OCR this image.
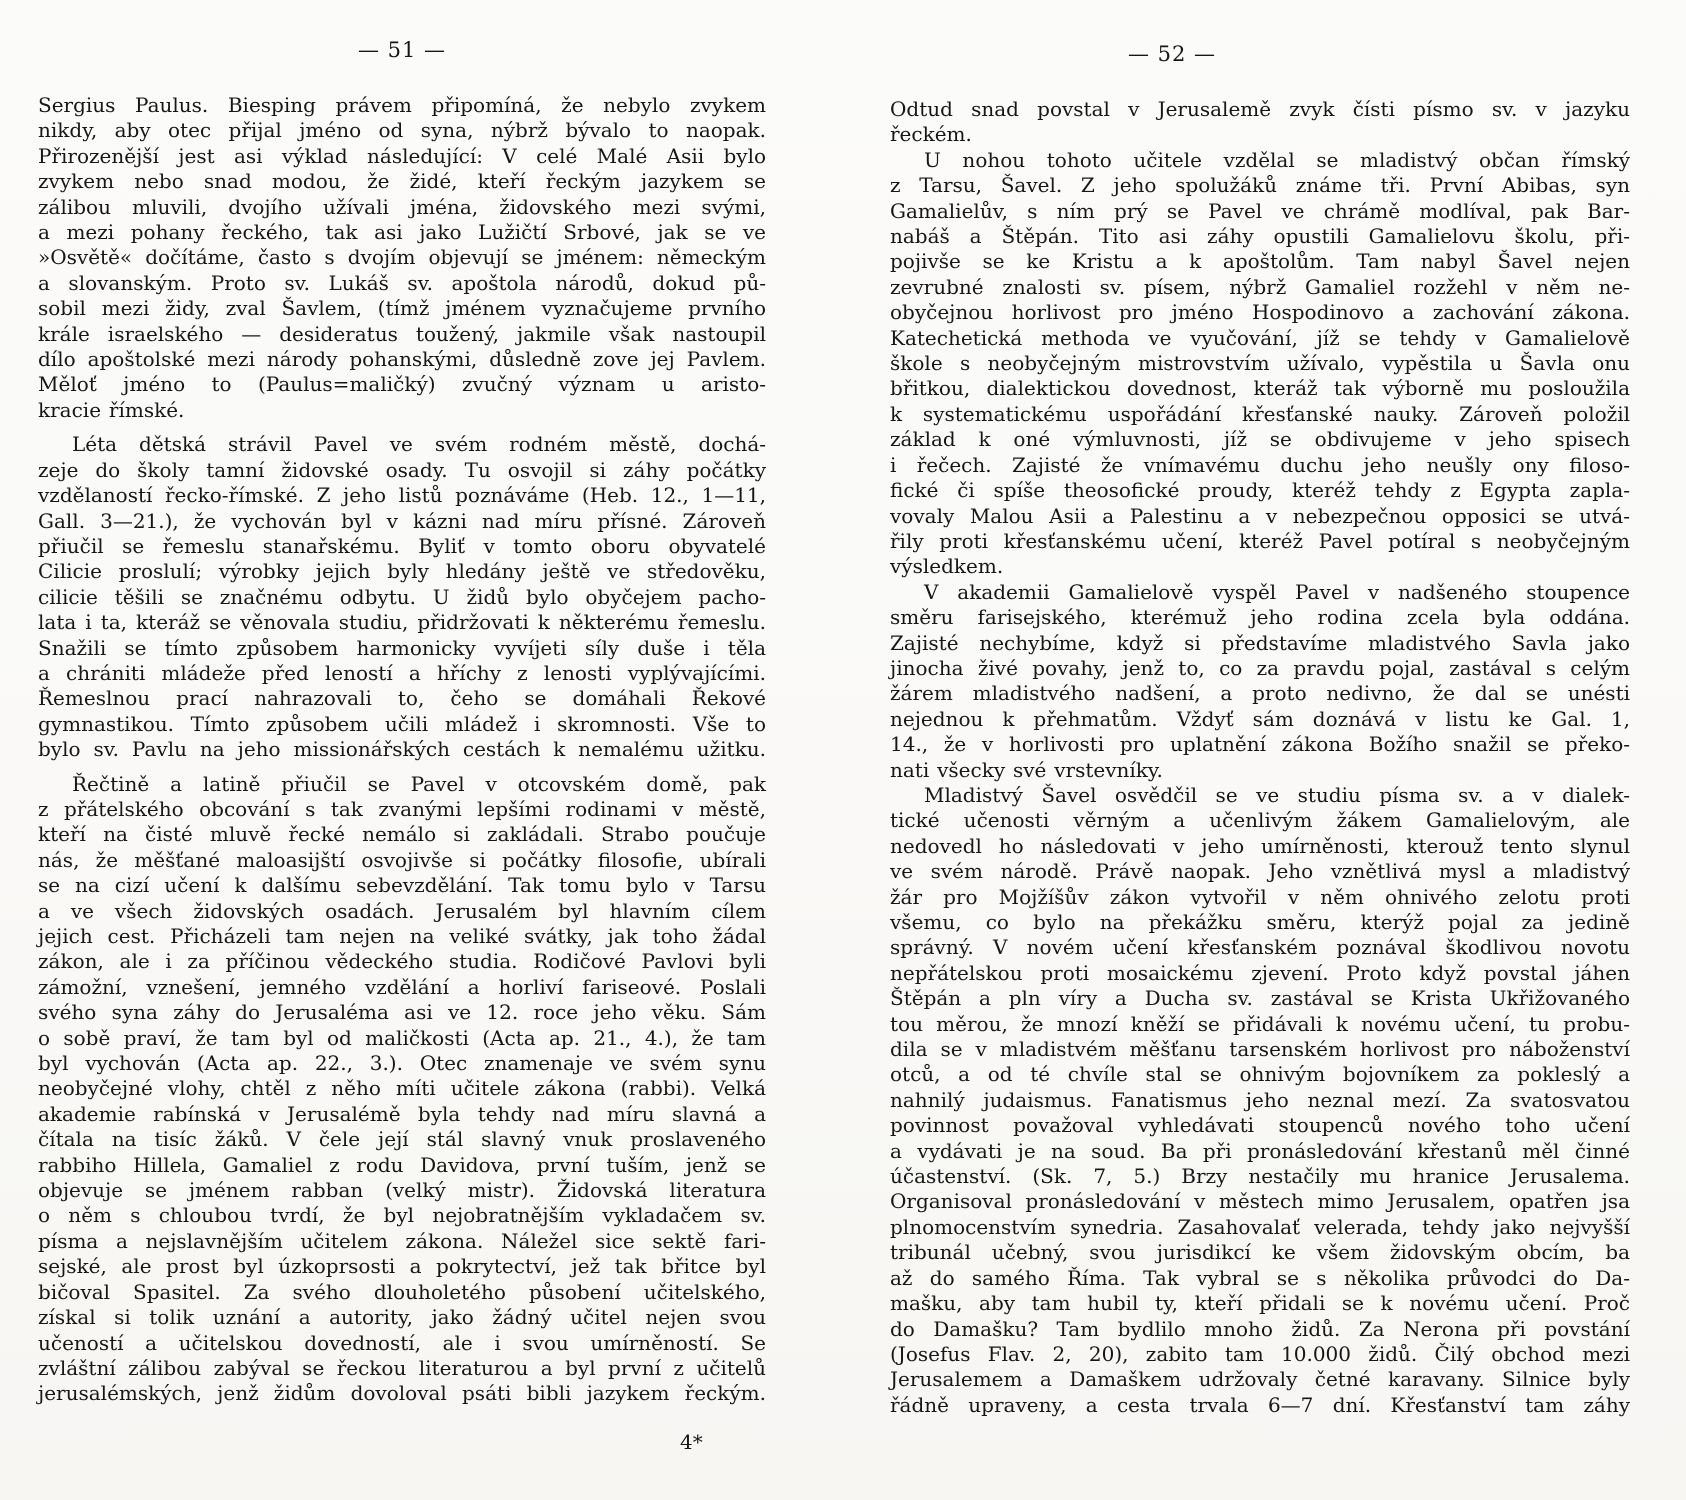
— 51 —
Sergius Paulus. Biesping právem připomíná, že nebylo zvykem
nikdy, aby otec přijal jméno od syna, nýbrž bývalo to naopak.
Přirozenější jest asi výklad následující: V celé Malé Asii bylo
zvykem nebo snad modou, že židé, kteří řeckým jazykem se
zálibou mluvili, dvojího užívali jména, židovského mezi svými,
a mezi pohany řeckého, tak asi jako Lužičtí Srbové, jak se ve
»Osvětě« dočítáme, často s dvojím objevují se jménem: německým
a slovanským. Proto sv. Lukáš sv. apoštola národů, dokud pů-
sobil mezi židy, zval Šavlem, (tímž jménem vyznačujeme prvního
krále israelského — desideratus toužený, jakmile však nastoupil
dílo apoštolské mezi národy pohanskými, důsledně zove jej Pavlem.
Měloť jméno to (Paulus=maličký) zvučný význam u aristo-
kracie římské.
Léta dětská strávil Pavel ve svém rodném městě, dochá-
zeje do školy tamní židovské osady. Tu osvojil si záhy počátky
vzdělaností řecko-římské. Z jeho listů poznáváme (Heb. 12., 1—11,
Gall. 3—21.), že vychován byl v kázni nad míru přísné. Zároveň
přiučil se řemeslu stanařskému. Byliť v tomto oboru obyvatelé
Cilicie proslulí; výrobky jejich byly hledány ještě ve středověku,
cilicie těšili se značnému odbytu. U židů bylo obyčejem pacho-
lata i ta, kteráž se věnovala studiu, přidržovati k některému řemeslu.
Snažili se tímto způsobem harmonicky vyvíjeti síly duše i těla
a chrániti mládeže před leností a hříchy z lenosti vyplývajícími.
Řemeslnou prací nahrazovali to, čeho se domáhali Řekové
gymnastikou. Tímto způsobem učili mládež i skromnosti. Vše to
bylo sv. Pavlu na jeho missionářských cestách k nemalému užitku.
Řečtině a latině přiučil se Pavel v otcovském domě, pak
z přátelského obcování s tak zvanými lepšími rodinami v městě,
kteří na čisté mluvě řecké nemálo si zakládali. Strabo poučuje
nás, že měšťané maloasijští osvojivše si počátky filosofie, ubírali
se na cizí učení k dalšímu sebevzdělání. Tak tomu bylo v Tarsu
a ve všech židovských osadách. Jerusalém byl hlavním cílem
jejich cest. Přicházeli tam nejen na veliké svátky, jak toho žádal
zákon, ale i za příčinou vědeckého studia. Rodičové Pavlovi byli
zámožní, vznešení, jemného vzdělání a horliví fariseové. Poslali
svého syna záhy do Jerusaléma asi ve 12. roce jeho věku. Sám
o sobě praví, že tam byl od maličkosti (Acta ap. 21., 4.), že tam
byl vychován (Acta ap. 22., 3.). Otec znamenaje ve svém synu
neobyčejné vlohy, chtěl z něho míti učitele zákona (rabbi). Velká
akademie rabínská v Jerusalémě byla tehdy nad míru slavná a
čítala na tisíc žáků. V čele její stál slavný vnuk proslaveného
rabbiho Hillela, Gamaliel z rodu Davidova, první tuším, jenž se
objevuje se jménem rabban (velký mistr). Židovská literatura
o něm s chloubou tvrdí, že byl nejobratnějším vykladačem sv.
písma a nejslavnějším učitelem zákona. Náležel sice sektě fari-
sejské, ale prost byl úzkoprsosti a pokrytectví, jež tak břitce byl
bičoval Spasitel. Za svého dlouholetého působení učitelského,
získal si tolik uznání a autority, jako žádný učitel nejen svou
učeností a učitelskou dovedností, ale i svou umírněností. Se
zvláštní zálibou zabýval se řeckou literaturou a byl první z učitelů
jerusalémských, jenž židům dovoloval psáti bibli jazykem řeckým.
4*
— 52 —
Odtud snad povstal v Jerusalemě zvyk čísti písmo sv. v jazyku
řeckém.
U nohou tohoto učitele vzdělal se mladistvý občan římský
z Tarsu, Šavel. Z jeho spolužáků známe tři. První Abibas, syn
Gamalielův, s ním prý se Pavel ve chrámě modlíval, pak Bar-
nabáš a Štěpán. Tito asi záhy opustili Gamalielovu školu, při-
pojivše se ke Kristu a k apoštolům. Tam nabyl Šavel nejen
zevrubné znalosti sv. písem, nýbrž Gamaliel rozžehl v něm ne-
obyčejnou horlivost pro jméno Hospodinovo a zachování zákona.
Katechetická methoda ve vyučování, jíž se tehdy v Gamalielově
škole s neobyčejným mistrovstvím užívalo, vypěstila u Šavla onu
břitkou, dialektickou dovednost, kteráž tak výborně mu posloužila
k systematickému uspořádání křesťanské nauky. Zároveň položil
základ k oné výmluvnosti, jíž se obdivujeme v jeho spisech
i řečech. Zajisté že vnímavému duchu jeho neušly ony filoso-
fické či spíše theosofické proudy, kteréž tehdy z Egypta zapla-
vovaly Malou Asii a Palestinu a v nebezpečnou opposici se utvá-
řily proti křesťanskému učení, kteréž Pavel potíral s neobyčejným
výsledkem.
V akademii Gamalielově vyspěl Pavel v nadšeného stoupence
směru farisejského, kterémuž jeho rodina zcela byla oddána.
Zajisté nechybíme, když si představíme mladistvého Savla jako
jinocha živé povahy, jenž to, co za pravdu pojal, zastával s celým
žárem mladistvého nadšení, a proto nedivno, že dal se unésti
nejednou k přehmatům. Vždyť sám doznává v listu ke Gal. 1,
14., že v horlivosti pro uplatnění zákona Božího snažil se překo-
nati všecky své vrstevníky.
Mladistvý Šavel osvědčil se ve studiu písma sv. a v dialek-
tické učenosti věrným a učenlivým žákem Gamalielovým, ale
nedovedl ho následovati v jeho umírněnosti, kterouž tento slynul
ve svém národě. Právě naopak. Jeho vznětlivá mysl a mladistvý
žár pro Mojžíšův zákon vytvořil v něm ohnivého zelotu proti
všemu, co bylo na překážku směru, kterýž pojal za jedině
správný. V novém učení křesťanském poznával škodlivou novotu
nepřátelskou proti mosaickému zjevení. Proto když povstal jáhen
Štěpán a pln víry a Ducha sv. zastával se Krista Ukřižovaného
tou měrou, že mnozí kněží se přidávali k novému učení, tu probu-
dila se v mladistvém měšťanu tarsenském horlivost pro náboženství
otců, a od té chvíle stal se ohnivým bojovníkem za pokleslý a
nahnilý judaismus. Fanatismus jeho neznal mezí. Za svatosvatou
povinnost považoval vyhledávati stoupenců nového toho učení
a vydávati je na soud. Ba při pronásledování křestanů měl činné
účastenství. (Sk. 7, 5.) Brzy nestačily mu hranice Jerusalema.
Organisoval pronásledování v městech mimo Jerusalem, opatřen jsa
plnomocenstvím synedria. Zasahovalať velerada, tehdy jako nejvyšší
tribunál učebný, svou jurisdikcí ke všem židovským obcím, ba
až do samého Říma. Tak vybral se s několika průvodci do Da-
mašku, aby tam hubil ty, kteří přidali se k novému učení. Proč
do Damašku? Tam bydlilo mnoho židů. Za Nerona při povstání
(Josefus Flav. 2, 20), zabito tam 10.000 židů. Čilý obchod mezi
Jerusalemem a Damaškem udržovaly četné karavany. Silnice byly
řádně upraveny, a cesta trvala 6—7 dní. Křesťanství tam záhy
